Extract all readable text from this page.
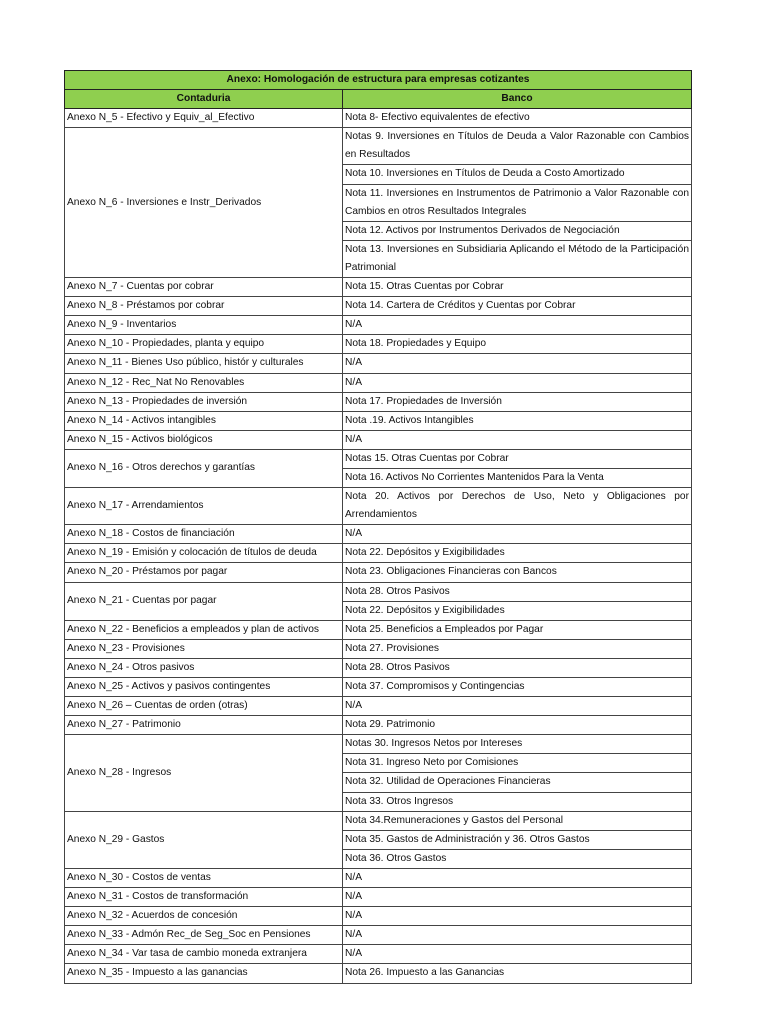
Anexo: Homologación de estructura para empresas cotizantes	
Contaduria	Banco
Anexo N_5 - Efectivo y Equiv_al_Efectivo	Nota 8- Efectivo equivalentes de efectivo
Anexo N_6 - Inversiones e Instr_Derivados	Notas 9. Inversiones en Títulos de Deuda a Valor Razonable con Cambios en Resultados
	Nota 10. Inversiones en Títulos de Deuda a Costo Amortizado
	Nota 11. Inversiones en Instrumentos de Patrimonio a Valor Razonable con Cambios en otros Resultados Integrales
	Nota 12. Activos por Instrumentos Derivados de Negociación
	Nota 13. Inversiones en Subsidiaria Aplicando el Método de la Participación Patrimonial
Anexo N_7 - Cuentas por cobrar	Nota 15. Otras Cuentas por Cobrar
Anexo N_8 - Préstamos por cobrar	Nota 14. Cartera de Créditos y Cuentas por Cobrar
Anexo N_9 - Inventarios	N/A
Anexo N_10 - Propiedades, planta y equipo	Nota 18. Propiedades y Equipo
Anexo N_11 - Bienes Uso público, histór y culturales	N/A
Anexo N_12 - Rec_Nat No Renovables	N/A
Anexo N_13 - Propiedades de inversión	Nota 17. Propiedades de Inversión
Anexo N_14 - Activos intangibles	Nota .19. Activos Intangibles
Anexo N_15 - Activos biológicos	N/A
Anexo N_16 - Otros derechos y garantías	Notas 15. Otras Cuentas por Cobrar
	Nota 16. Activos No Corrientes Mantenidos Para la Venta
Anexo N_17 - Arrendamientos	Nota 20. Activos por Derechos de Uso, Neto y Obligaciones por Arrendamientos
Anexo N_18 - Costos de financiación	N/A
Anexo N_19 - Emisión y colocación de títulos de deuda	Nota 22. Depósitos y Exigibilidades
Anexo N_20 - Préstamos por pagar	Nota 23. Obligaciones Financieras con Bancos
Anexo N_21 - Cuentas por pagar	Nota 28. Otros Pasivos
	Nota 22. Depósitos y Exigibilidades
Anexo N_22 - Beneficios a empleados y plan de activos	Nota 25. Beneficios a Empleados por Pagar
Anexo N_23 - Provisiones	Nota 27. Provisiones
Anexo N_24 - Otros pasivos	Nota 28. Otros Pasivos
Anexo N_25 - Activos y pasivos contingentes	Nota 37. Compromisos y Contingencias
Anexo N_26 – Cuentas de orden (otras)	N/A
Anexo N_27 - Patrimonio	Nota 29. Patrimonio
Anexo N_28 - Ingresos	Notas 30. Ingresos Netos por Intereses
	Nota 31. Ingreso Neto por Comisiones
	Nota 32. Utilidad de Operaciones Financieras
	Nota 33. Otros Ingresos
Anexo N_29 - Gastos	Nota 34.Remuneraciones y Gastos del Personal
	Nota 35. Gastos de Administración y 36. Otros Gastos
	Nota 36. Otros Gastos
Anexo N_30 - Costos de ventas	N/A
Anexo N_31 - Costos de transformación	N/A
Anexo N_32 - Acuerdos de concesión	N/A
Anexo N_33 - Admón Rec_de Seg_Soc en Pensiones	N/A
Anexo N_34 - Var tasa de cambio moneda extranjera	N/A
Anexo N_35 - Impuesto a las ganancias	Nota 26. Impuesto a las Ganancias
